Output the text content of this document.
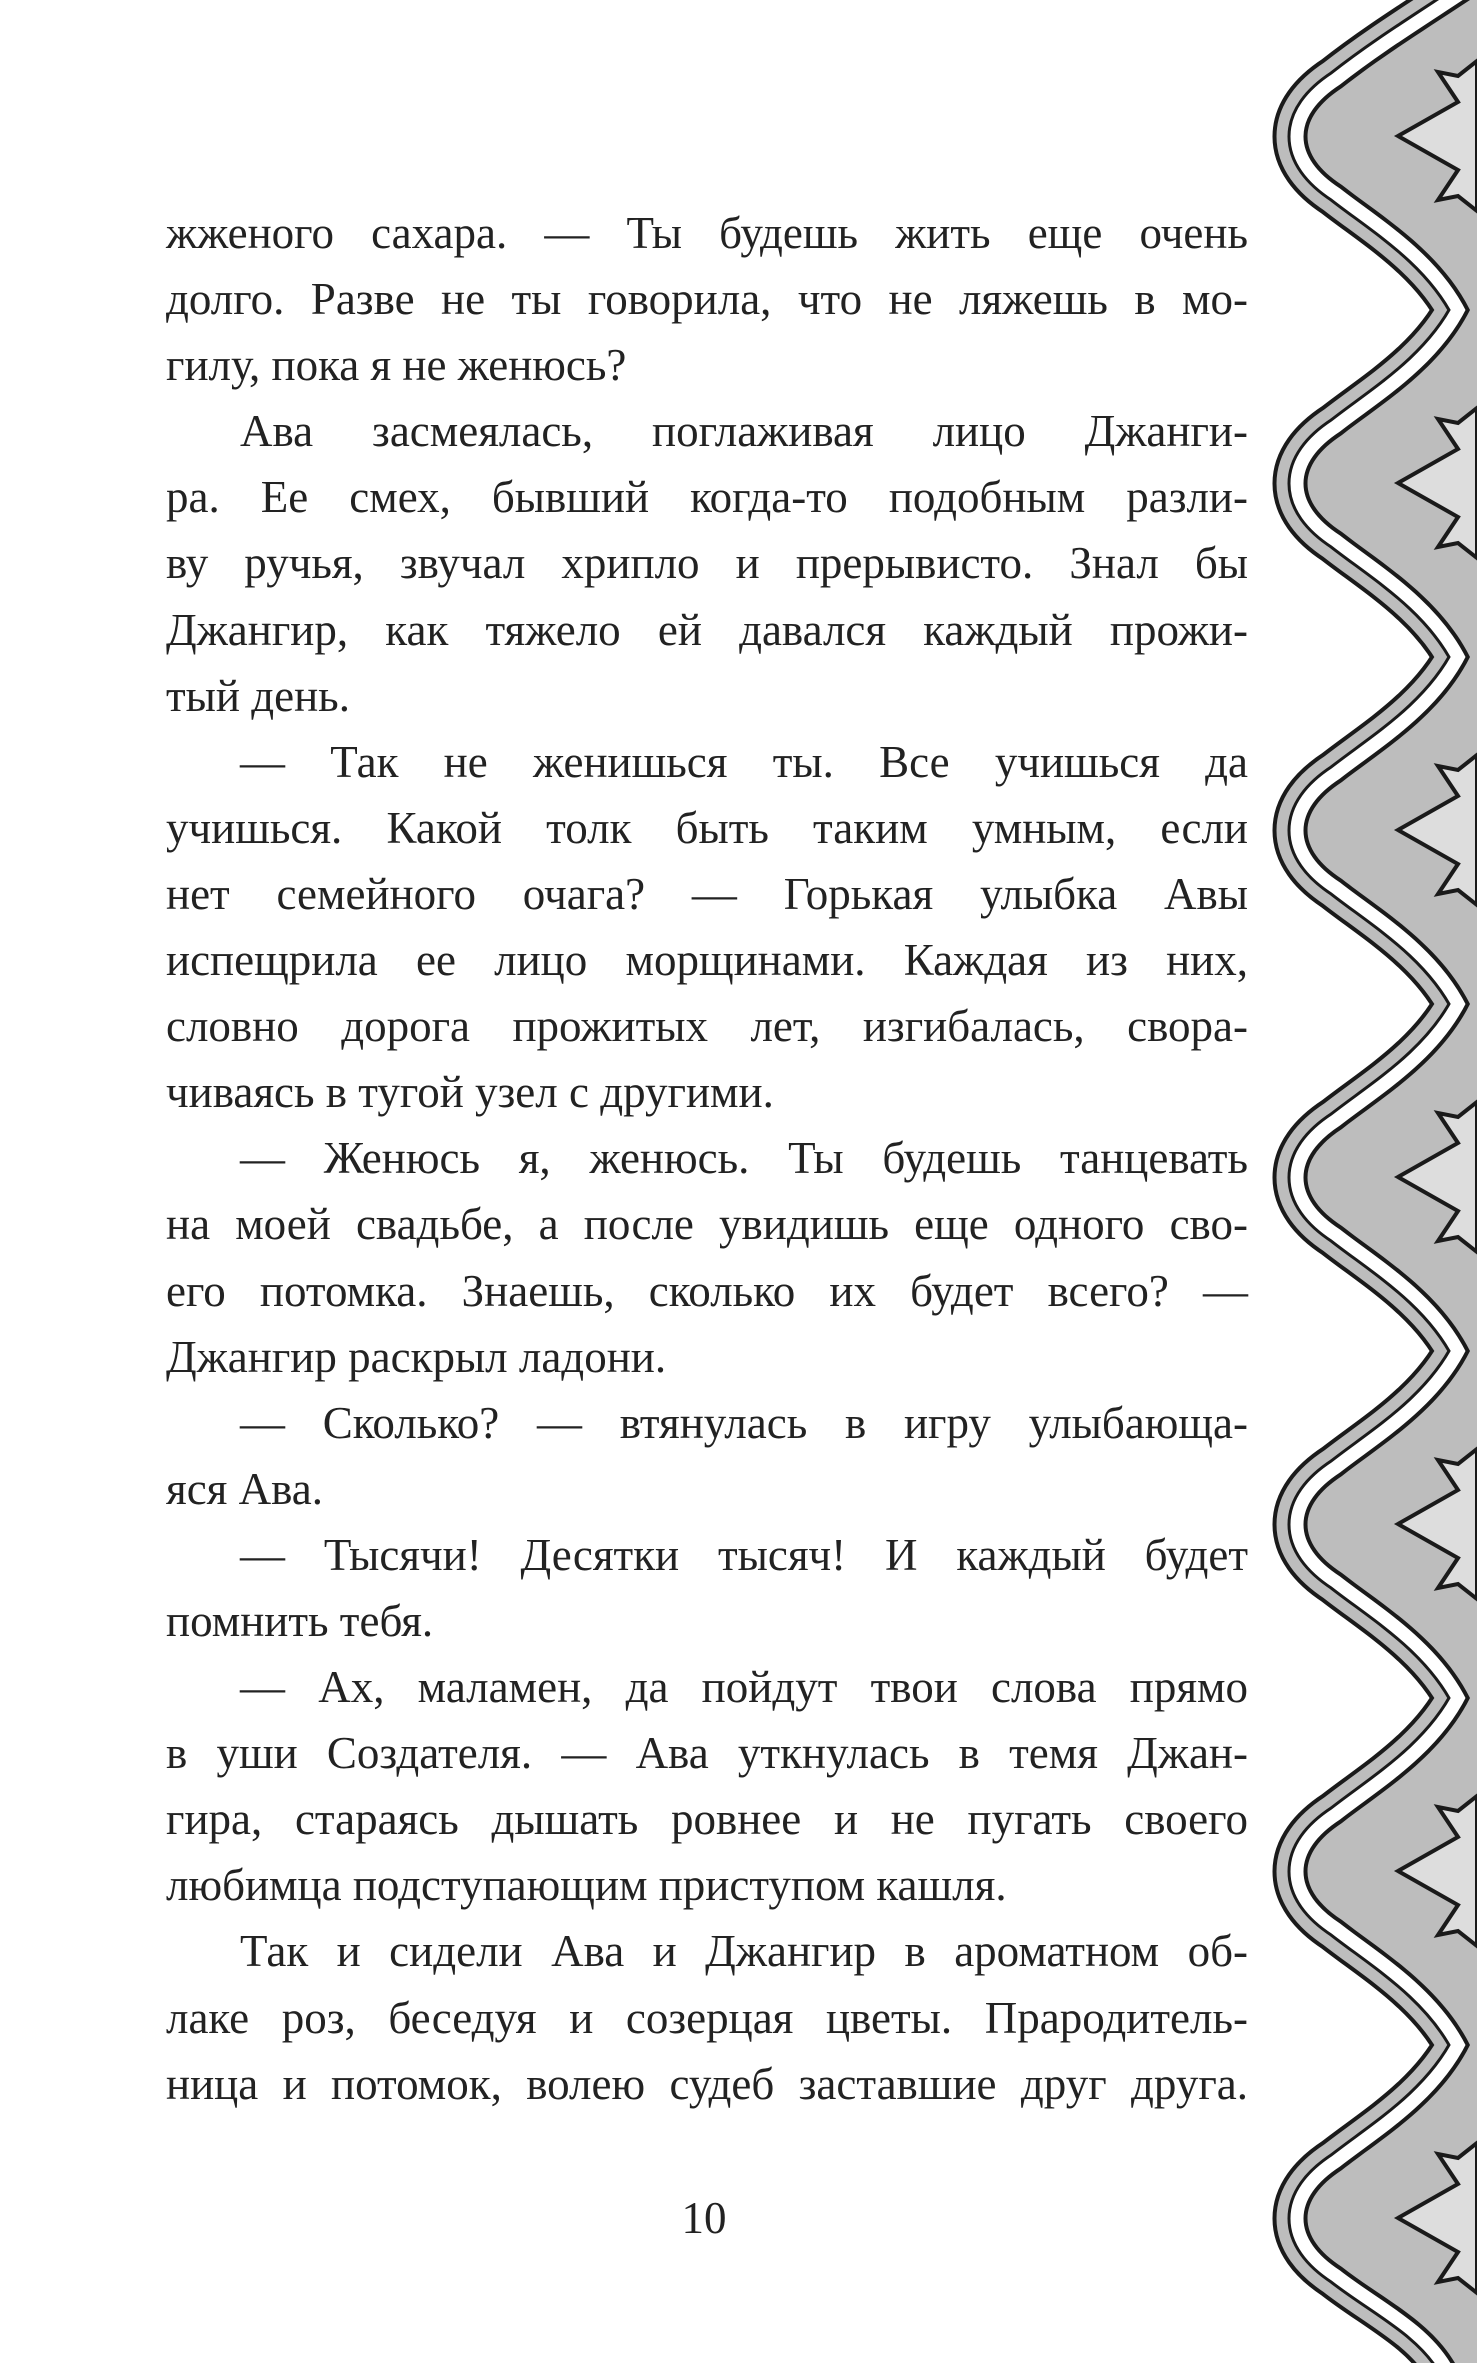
жженого сахара. — Ты будешь жить еще очень
долго. Разве не ты говорила, что не ляжешь в мо-
гилу, пока я не женюсь?
Ава засмеялась, поглаживая лицо Джанги-
ра. Ее смех, бывший когда-то подобным разли-
ву ручья, звучал хрипло и прерывисто. Знал бы
Джангир, как тяжело ей давался каждый прожи-
тый день.
— Так не женишься ты. Все учишься да
учишься. Какой толк быть таким умным, если
нет семейного очага? — Горькая улыбка Авы
испещрила ее лицо морщинами. Каждая из них,
словно дорога прожитых лет, изгибалась, свора-
чиваясь в тугой узел с другими.
— Женюсь я, женюсь. Ты будешь танцевать
на моей свадьбе, а после увидишь еще одного сво-
его потомка. Знаешь, сколько их будет всего? —
Джангир раскрыл ладони.
— Сколько? — втянулась в игру улыбающа-
яся Ава.
— Тысячи! Десятки тысяч! И каждый будет
помнить тебя.
— Ах, маламен, да пойдут твои слова прямо
в уши Создателя. — Ава уткнулась в темя Джан-
гира, стараясь дышать ровнее и не пугать своего
любимца подступающим приступом кашля.
Так и сидели Ава и Джангир в ароматном об-
лаке роз, беседуя и созерцая цветы. Прародитель-
ница и потомок, волею судеб заставшие друг друга.
10
